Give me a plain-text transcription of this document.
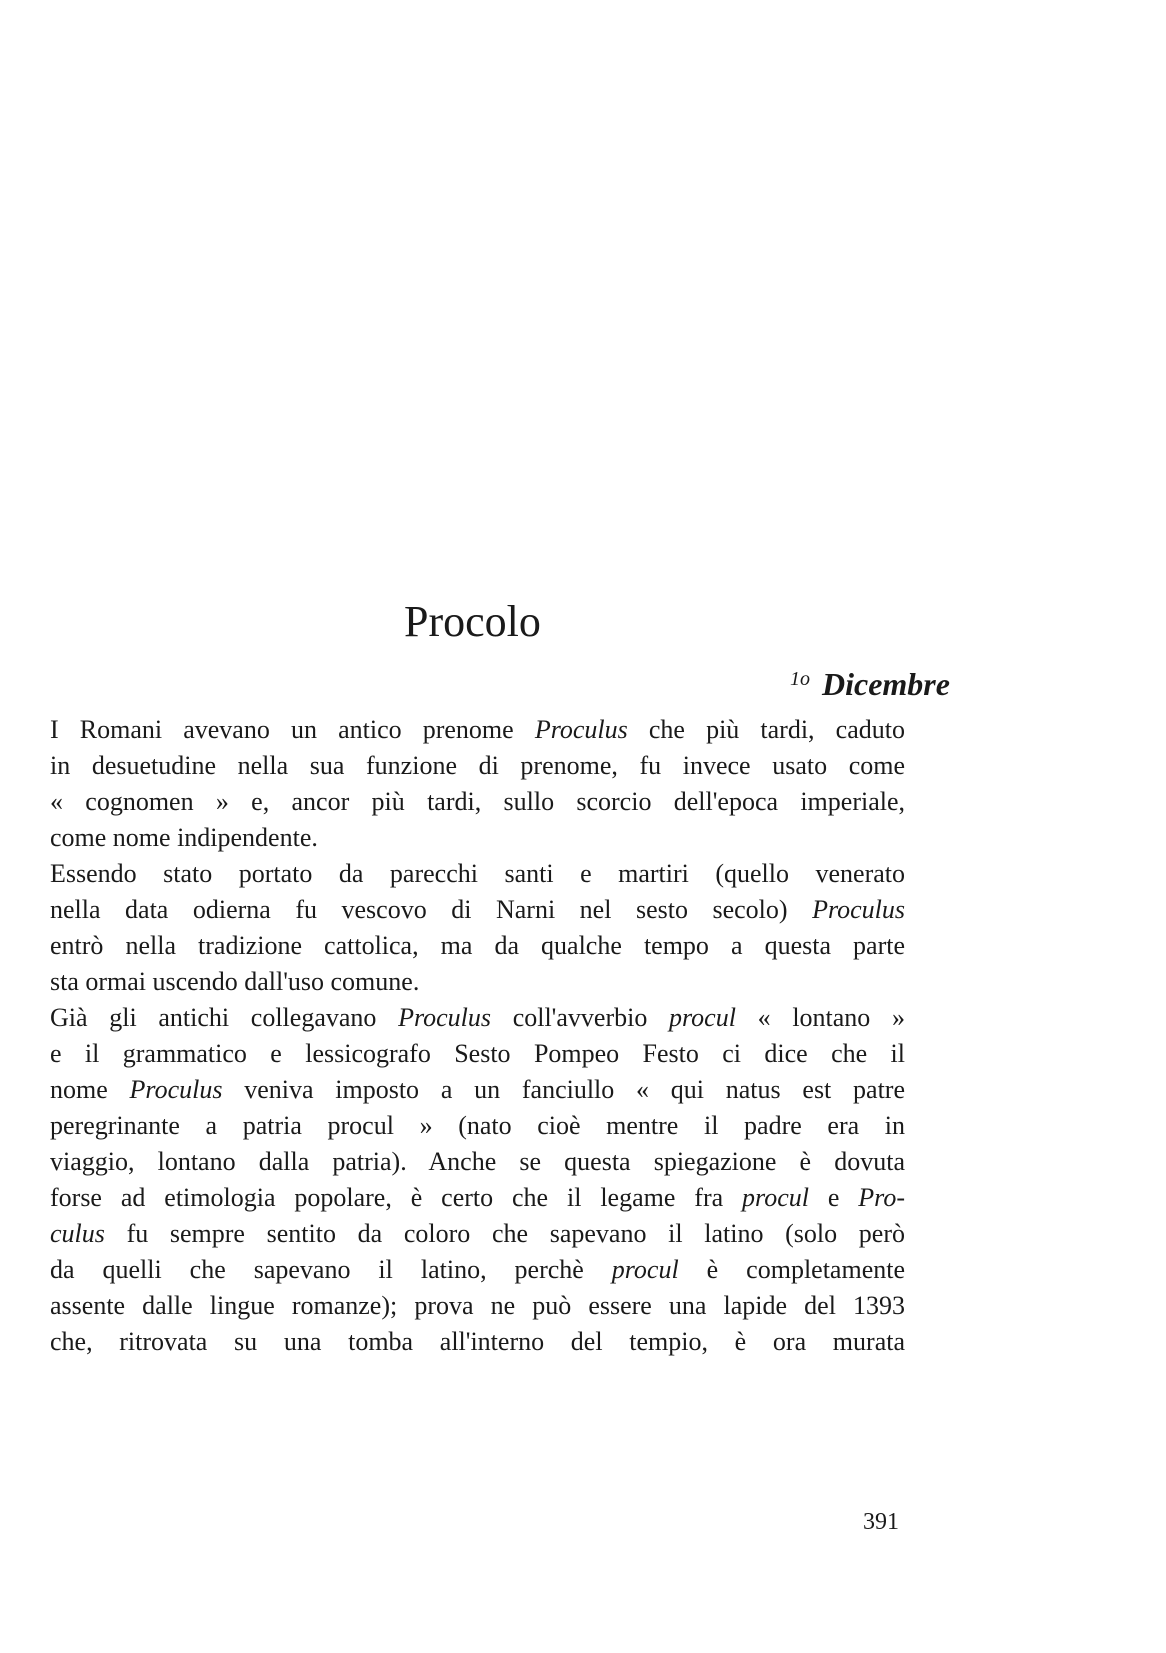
Procolo
1o Dicembre
I Romani avevano un antico prenome Proculus che più tardi, caduto
in desuetudine nella sua funzione di prenome, fu invece usato come
« cognomen » e, ancor più tardi, sullo scorcio dell'epoca imperiale,
come nome indipendente.
Essendo stato portato da parecchi santi e martiri (quello venerato
nella data odierna fu vescovo di Narni nel sesto secolo) Proculus
entrò nella tradizione cattolica, ma da qualche tempo a questa parte
sta ormai uscendo dall'uso comune.
Già gli antichi collegavano Proculus coll'avverbio procul « lontano »
e il grammatico e lessicografo Sesto Pompeo Festo ci dice che il
nome Proculus veniva imposto a un fanciullo « qui natus est patre
peregrinante a patria procul » (nato cioè mentre il padre era in
viaggio, lontano dalla patria). Anche se questa spiegazione è dovuta
forse ad etimologia popolare, è certo che il legame fra procul e Pro-
culus fu sempre sentito da coloro che sapevano il latino (solo però
da quelli che sapevano il latino, perchè procul è completamente
assente dalle lingue romanze); prova ne può essere una lapide del 1393
che, ritrovata su una tomba all'interno del tempio, è ora murata
391
